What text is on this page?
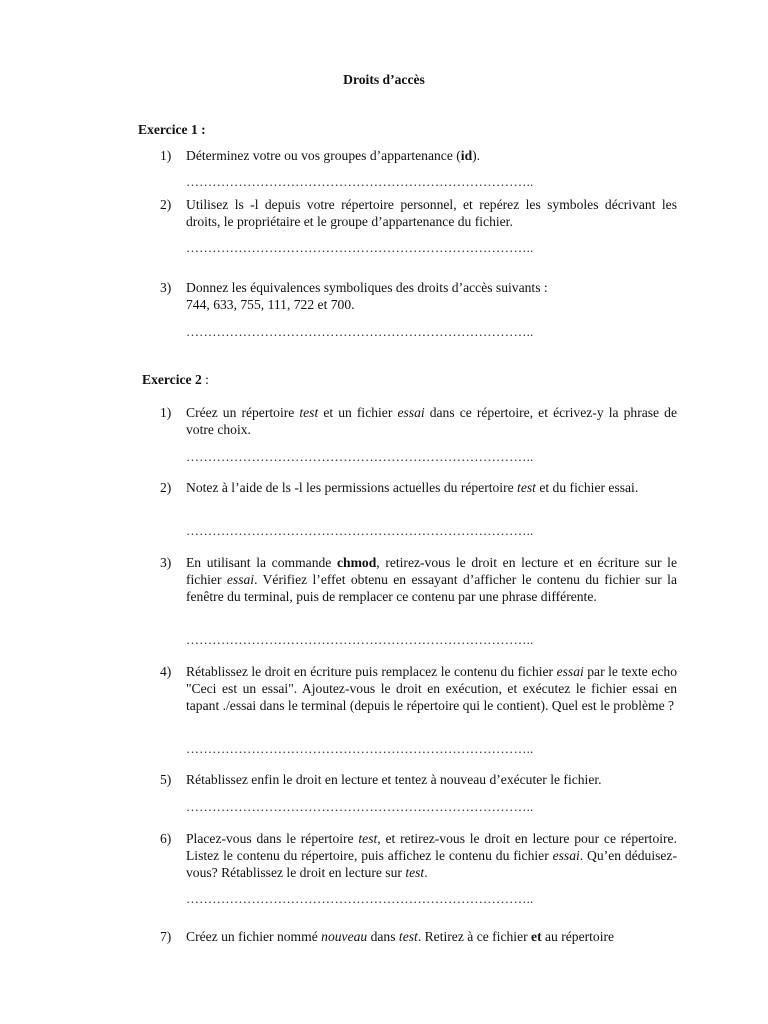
Droits d’accès
Exercice 1 :
1) Déterminez votre ou vos groupes d’appartenance (id).
……………………………………………………………………..
2) Utilisez ls -l depuis votre répertoire personnel, et repérez les symboles décrivant les droits, le propriétaire et le groupe d’appartenance du fichier.
……………………………………………………………………..
3) Donnez les équivalences symboliques des droits d’accès suivants :
744, 633, 755, 111, 722 et 700.
……………………………………………………………………..
Exercice 2 :
1) Créez un répertoire test et un fichier essai dans ce répertoire, et écrivez-y la phrase de votre choix.
……………………………………………………………………..
2) Notez à l’aide de ls -l les permissions actuelles du répertoire test et du fichier essai.
……………………………………………………………………..
3) En utilisant la commande chmod, retirez-vous le droit en lecture et en écriture sur le fichier essai. Vérifiez l’effet obtenu en essayant d’afficher le contenu du fichier sur la fenêtre du terminal, puis de remplacer ce contenu par une phrase différente.
……………………………………………………………………..
4) Rétablissez le droit en écriture puis remplacez le contenu du fichier essai par le texte echo "Ceci est un essai". Ajoutez-vous le droit en exécution, et exécutez le fichier essai en tapant ./essai dans le terminal (depuis le répertoire qui le contient). Quel est le problème ?
……………………………………………………………………..
5) Rétablissez enfin le droit en lecture et tentez à nouveau d’exécuter le fichier.
……………………………………………………………………..
6) Placez-vous dans le répertoire test, et retirez-vous le droit en lecture pour ce répertoire. Listez le contenu du répertoire, puis affichez le contenu du fichier essai. Qu’en déduisez-vous? Rétablissez le droit en lecture sur test.
……………………………………………………………………..
7) Créez un fichier nommé nouveau dans test. Retirez à ce fichier et au répertoire
